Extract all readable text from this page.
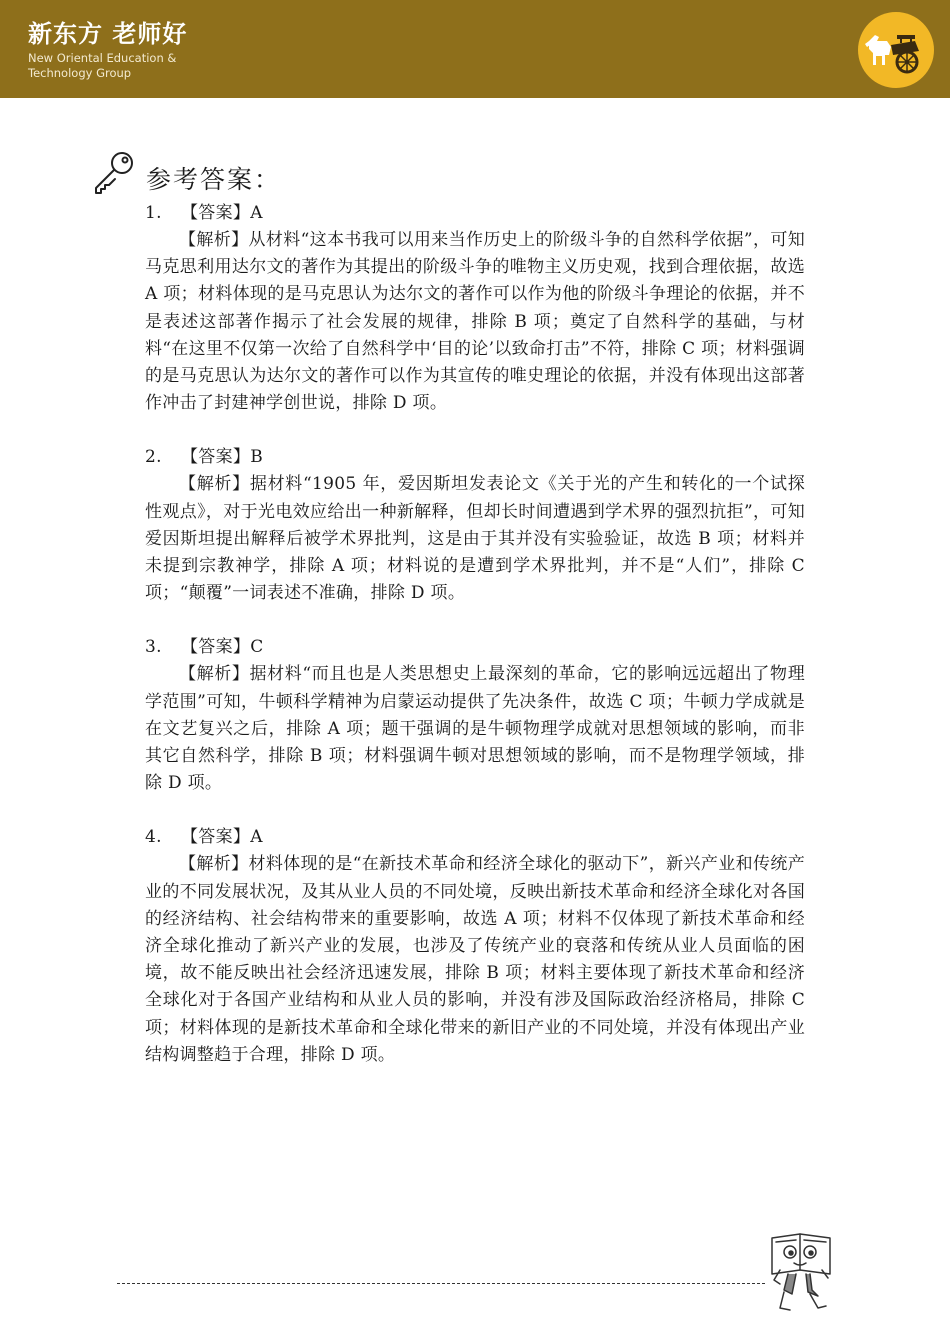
新东方 老师好
New Oriental Education & Technology Group
参考答案：
1. 【答案】A
【解析】从材料“这本书我可以用来当作历史上的阶级斗争的自然科学依据”，可知马克思利用达尔文的著作为其提出的阶级斗争的唯物主义历史观，找到合理依据，故选 A 项；材料体现的是马克思认为达尔文的著作可以作为他的阶级斗争理论的依据，并不是表述这部著作揭示了社会发展的规律，排除 B 项；奠定了自然科学的基础，与材料“在这里不仅第一次给了自然科学中‘目的论’以致命打击”不符，排除 C 项；材料强调的是马克思认为达尔文的著作可以作为其宣传的唯史理论的依据，并没有体现出这部著作冲击了封建神学创世说，排除 D 项。
2. 【答案】B
【解析】据材料“1905 年，爱因斯坦发表论文《关于光的产生和转化的一个试探性观点》，对于光电效应给出一种新解释，但却长时间遭遇到学术界的强烈抗拒”，可知爱因斯坦提出解释后被学术界批判，这是由于其并没有实验验证，故选 B 项；材料并未提到宗教神学，排除 A 项；材料说的是遭到学术界批判，并不是“人们”，排除 C 项；“颠覆”一词表述不准确，排除 D 项。
3. 【答案】C
【解析】据材料“而且也是人类思想史上最深刻的革命，它的影响远远超出了物理学范围”可知，牛顿科学精神为启蒙运动提供了先决条件，故选 C 项；牛顿力学成就是在文艺复兴之后，排除 A 项；题干强调的是牛顿物理学成就对思想领域的影响，而非其它自然科学，排除 B 项；材料强调牛顿对思想领域的影响，而不是物理学领域，排除 D 项。
4. 【答案】A
【解析】材料体现的是“在新技术革命和经济全球化的驱动下”，新兴产业和传统产业的不同发展状况，及其从业人员的不同处境，反映出新技术革命和经济全球化对各国的经济结构、社会结构带来的重要影响，故选 A 项；材料不仅体现了新技术革命和经济全球化推动了新兴产业的发展，也涉及了传统产业的衰落和传统从业人员面临的困境，故不能反映出社会经济迅速发展，排除 B 项；材料主要体现了新技术革命和经济全球化对于各国产业结构和从业人员的影响，并没有涉及国际政治经济格局，排除 C 项；材料体现的是新技术革命和全球化带来的新旧产业的不同处境，并没有体现出产业结构调整趋于合理，排除 D 项。
